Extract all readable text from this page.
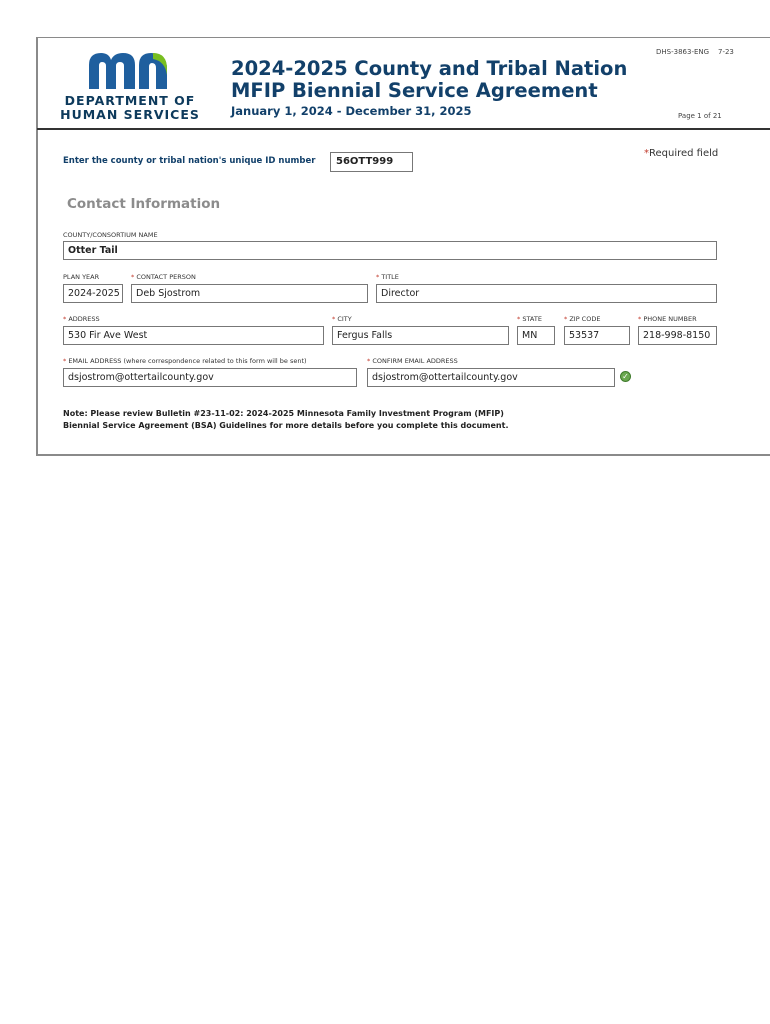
DEPARTMENT OF
HUMAN SERVICES
DHS-3863-ENG 7-23
2024-2025 County and Tribal Nation
MFIP Biennial Service Agreement
January 1, 2024 - December 31, 2025	Page 1 of 21
Enter the county or tribal nation's unique ID number	56OTT999
*Required field
Contact Information
COUNTY/CONSORTIUM NAME
Otter Tail
PLAN YEAR
2024-2025
* CONTACT PERSON
Deb Sjostrom
* TITLE
Director
* ADDRESS
530 Fir Ave West
* CITY
Fergus Falls
* STATE
MN
* ZIP CODE
53537
* PHONE NUMBER
218-998-8150
* EMAIL ADDRESS (where correspondence related to this form will be sent)
dsjostrom@ottertailcounty.gov
* CONFIRM EMAIL ADDRESS
dsjostrom@ottertailcounty.gov	✓
Note: Please review Bulletin #23-11-02: 2024-2025 Minnesota Family Investment Program (MFIP)
Biennial Service Agreement (BSA) Guidelines for more details before you complete this document.
